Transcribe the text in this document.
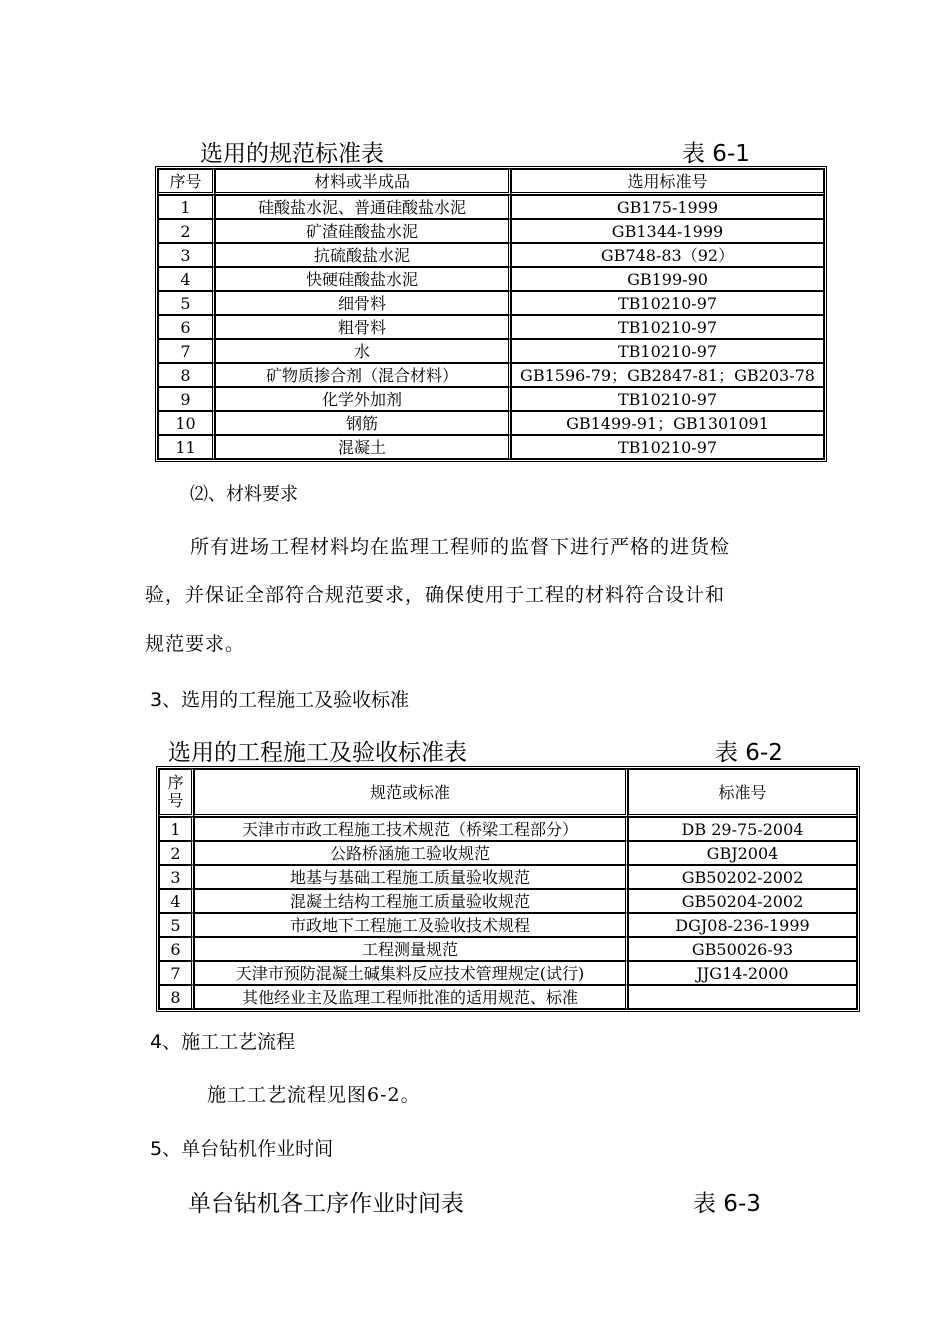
选用的规范标准表	表 6-1
序号	材料或半成品	选用标准号
1	硅酸盐水泥、普通硅酸盐水泥	GB175-1999
2	矿渣硅酸盐水泥	GB1344-1999
3	抗硫酸盐水泥	GB748-83（92）
4	快硬硅酸盐水泥	GB199-90
5	细骨料	TB10210-97
6	粗骨料	TB10210-97
7	水	TB10210-97
8	矿物质掺合剂（混合材料）	GB1596-79；GB2847-81；GB203-78
9	化学外加剂	TB10210-97
10	钢筋	GB1499-91；GB1301091
11	混凝土	TB10210-97
⑵、材料要求
所有进场工程材料均在监理工程师的监督下进行严格的进货检
验，并保证全部符合规范要求，确保使用于工程的材料符合设计和
规范要求。
3、选用的工程施工及验收标准
选用的工程施工及验收标准表	表 6-2
序号	规范或标准	标准号
1	天津市市政工程施工技术规范（桥梁工程部分）	DB 29-75-2004
2	公路桥涵施工验收规范	GBJ2004
3	地基与基础工程施工质量验收规范	GB50202-2002
4	混凝土结构工程施工质量验收规范	GB50204-2002
5	市政地下工程施工及验收技术规程	DGJ08-236-1999
6	工程测量规范	GB50026-93
7	天津市预防混凝土碱集料反应技术管理规定(试行)	JJG14-2000
8	其他经业主及监理工程师批准的适用规范、标准	
4、施工工艺流程
施工工艺流程见图6-2。
5、单台钻机作业时间
单台钻机各工序作业时间表	表 6-3
